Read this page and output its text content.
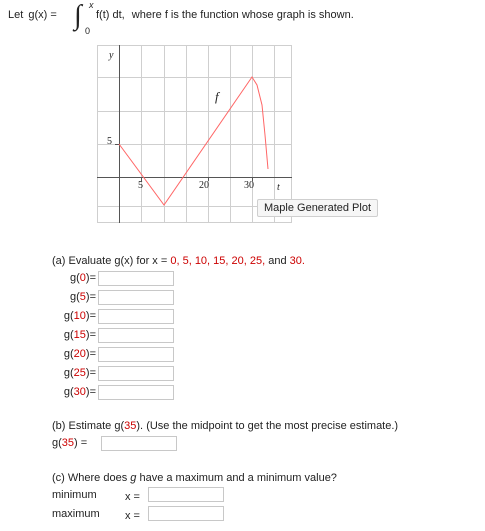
Let g(x) = ∫ x
0
f(t) dt, where f is the function whose graph is shown.
y
f
5
5	20	30 t
Maple Generated Plot
(a) Evaluate g(x) for x = 0, 5, 10, 15, 20, 25, and 30.
g(0)=
g(5)=
g(10)=
g(15)=
g(20)=
g(25)=
g(30)=
(b) Estimate g(35). (Use the midpoint to get the most precise estimate.)
g(35) =
(c) Where does g have a maximum and a minimum value?
minimum	x =
maximum x =
